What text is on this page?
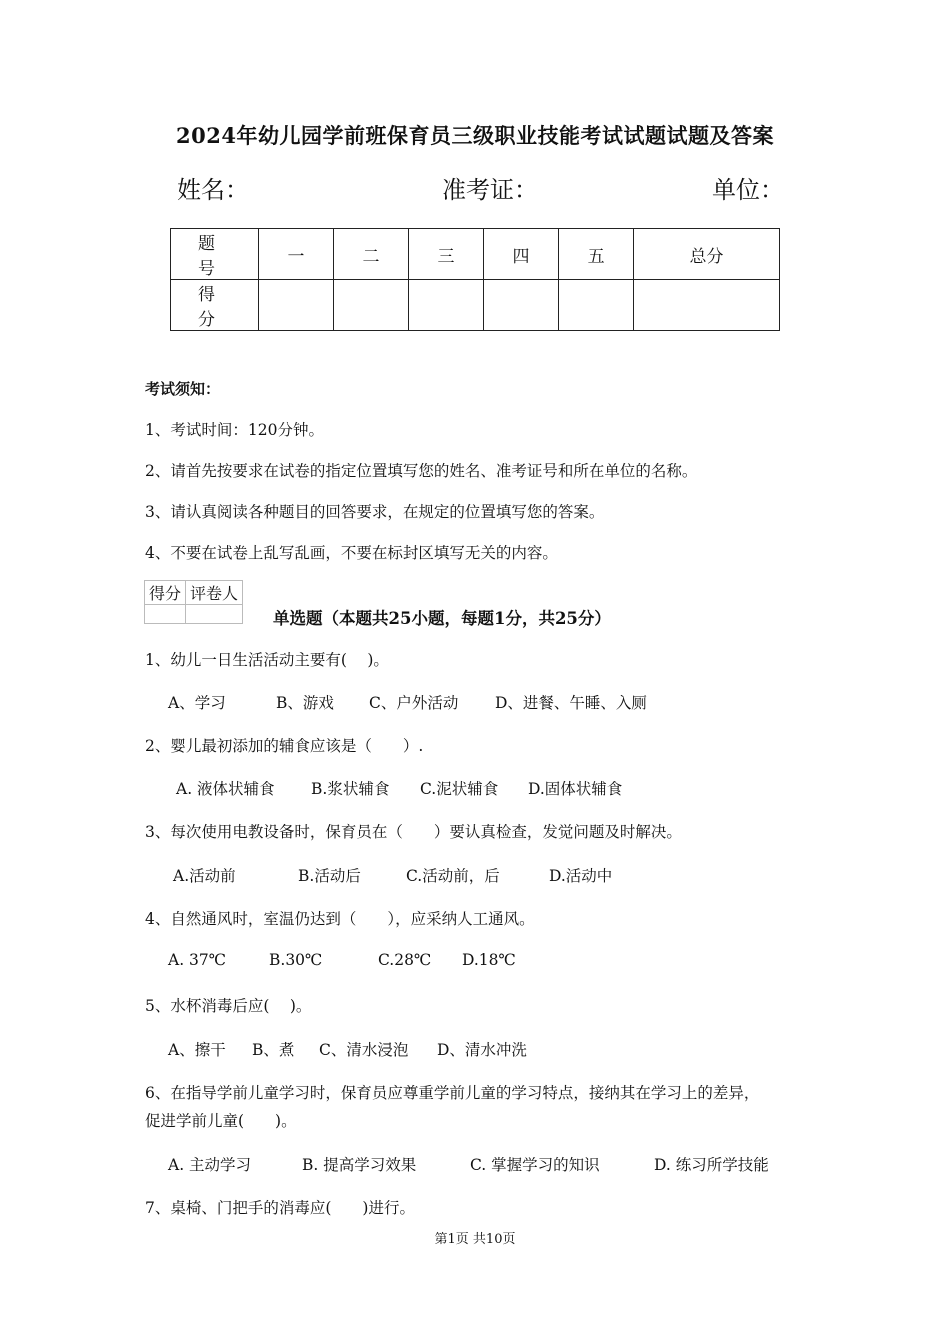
2024年幼儿园学前班保育员三级职业技能考试试题试题及答案
姓名：	准考证：	单位：
题　号	一	二	三	四	五	总分
得　分						
考试须知：
1、考试时间：120分钟。
2、请首先按要求在试卷的指定位置填写您的姓名、准考证号和所在单位的名称。
3、请认真阅读各种题目的回答要求，在规定的位置填写您的答案。
4、不要在试卷上乱写乱画，不要在标封区填写无关的内容。
得分	评卷人

单选题（本题共25小题，每题1分，共25分）
1、幼儿一日生活活动主要有(　 )。
A、学习	B、游戏 C、户外活动 D、进餐、午睡、入厕
2、婴儿最初添加的辅食应该是（　　）.
A. 液体状辅食 B.浆状辅食 C.泥状辅食 D.固体状辅食
3、每次使用电教设备时，保育员在（　　）要认真检查，发觉问题及时解决。
A.活动前	B.活动后	C.活动前，后	D.活动中
4、自然通风时，室温仍达到（　　），应采纳人工通风。
A. 37℃	B.30℃	C.28℃ D.18℃
5、水杯消毒后应(　 )。
A、擦干 B、煮 C、清水浸泡 D、清水冲洗
6、在指导学前儿童学习时，保育员应尊重学前儿童的学习特点，接纳其在学习上的差异，
促进学前儿童(　　)。
A. 主动学习	B. 提高学习效果	C. 掌握学习的知识	D. 练习所学技能
7、桌椅、门把手的消毒应(　　)进行。
第1页 共10页
